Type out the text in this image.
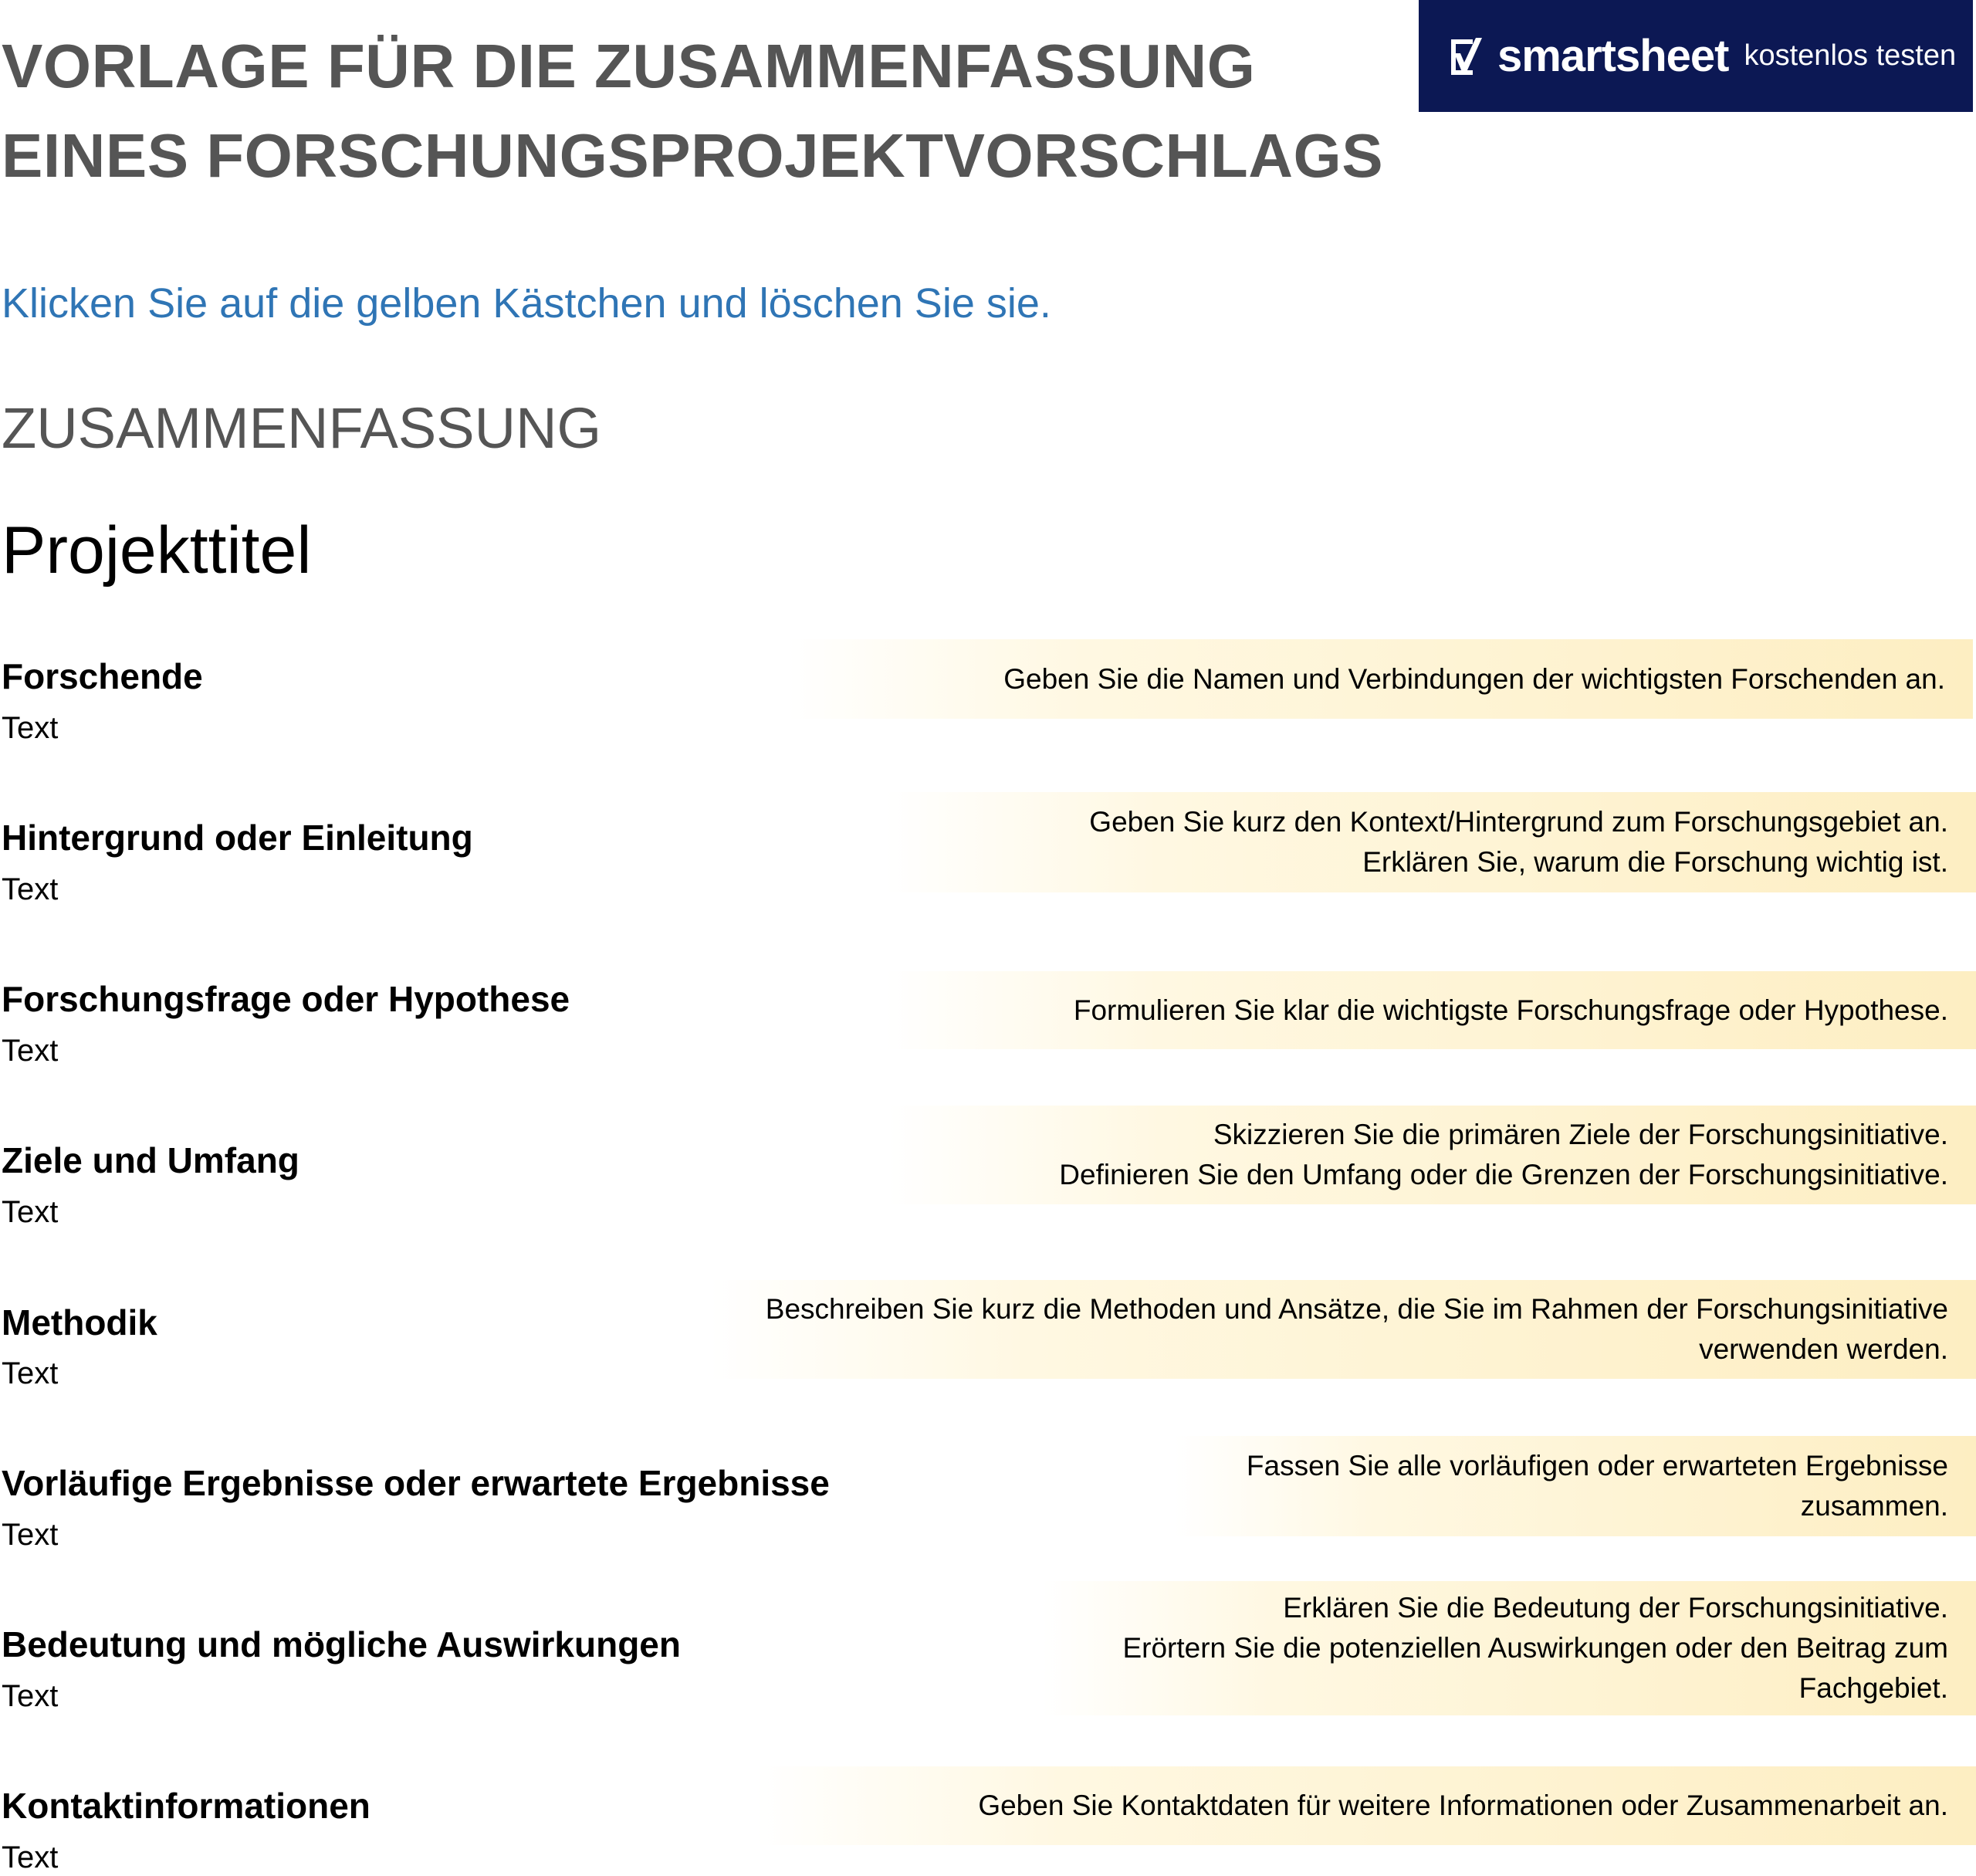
VORLAGE FÜR DIE ZUSAMMENFASSUNG
EINES FORSCHUNGSPROJEKTVORSCHLAGS
smartsheet kostenlos testen

Klicken Sie auf die gelben Kästchen und löschen Sie sie.

ZUSAMMENFASSUNG
Projekttitel

Forschende

Text

Geben Sie die Namen und Verbindungen der wichtigsten Forschenden an.

Hintergrund oder Einleitung

Text

Geben Sie kurz den Kontext/Hintergrund zum Forschungsgebiet an.
Erklären Sie, warum die Forschung wichtig ist.

Forschungsfrage oder Hypothese

Text

Formulieren Sie klar die wichtigste Forschungsfrage oder Hypothese.

Ziele und Umfang

Text

Skizzieren Sie die primären Ziele der Forschungsinitiative.
Definieren Sie den Umfang oder die Grenzen der Forschungsinitiative.

Methodik

Text

Beschreiben Sie kurz die Methoden und Ansätze, die Sie im Rahmen der Forschungsinitiative
verwenden werden.

Vorläufige Ergebnisse oder erwartete Ergebnisse

Text

Fassen Sie alle vorläufigen oder erwarteten Ergebnisse
zusammen.

Bedeutung und mögliche Auswirkungen

Text

Erklären Sie die Bedeutung der Forschungsinitiative.
Erörtern Sie die potenziellen Auswirkungen oder den Beitrag zum
Fachgebiet.

Kontaktinformationen

Text

Geben Sie Kontaktdaten für weitere Informationen oder Zusammenarbeit an.
